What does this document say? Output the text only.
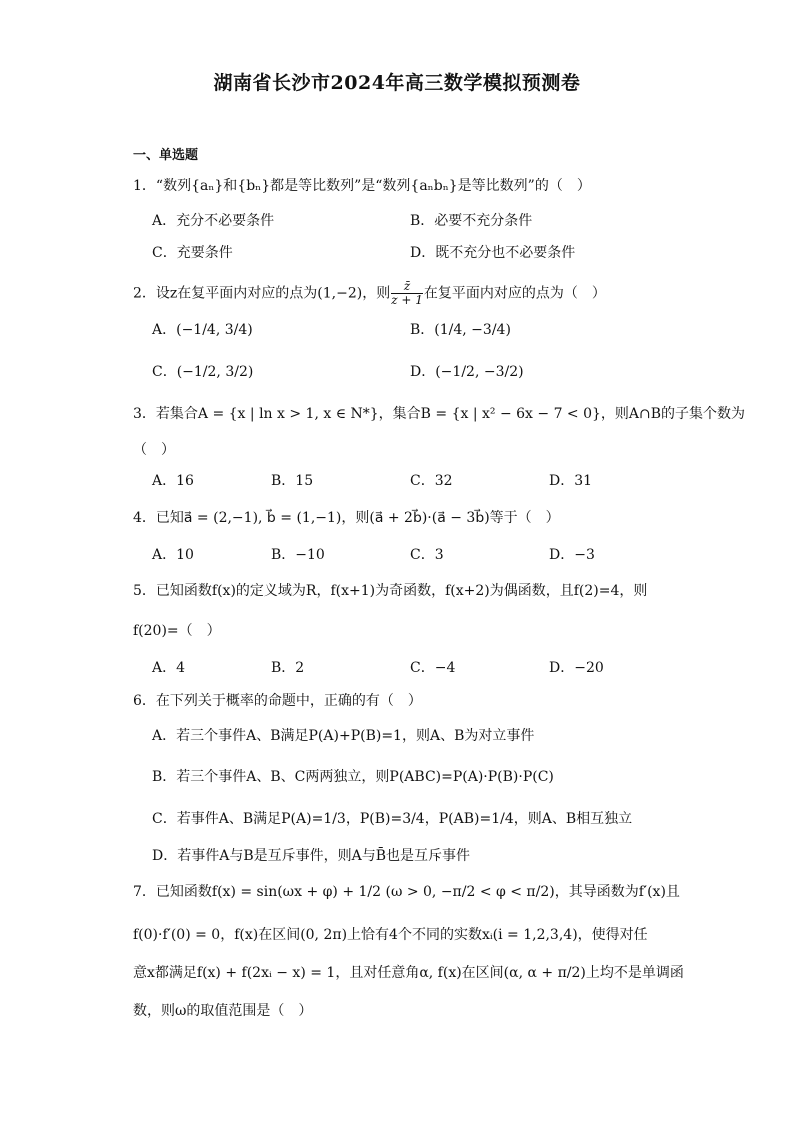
湖南省长沙市2024年高三数学模拟预测卷
一、单选题
1．“数列{aₙ}和{bₙ}都是等比数列”是“数列{aₙbₙ}是等比数列”的（　）
A．充分不必要条件	B．必要不充分条件
C．充要条件	D．既不充分也不必要条件
2．设z在复平面内对应的点为(1,−2)，则 $\frac{z̄}{z + 1}$ 在复平面内对应的点为（　）
A．(−1/4, 3/4)	B．(1/4, −3/4)
C．(−1/2, 3/2)	D．(−1/2, −3/2)
3．若集合A = {x | ln x > 1, x ∈ N*}，集合B = {x | x² − 6x − 7 < 0}，则A∩B的子集个数为
（　）
A．16	B．15	C．32	D．31
4．已知a⃗ = (2,−1), b⃗ = (1,−1)，则(a⃗ + 2b⃗)·(a⃗ − 3b⃗)等于（　）
A．10	B．−10	C．3	D．−3
5．已知函数f(x)的定义域为R，f(x+1)为奇函数，f(x+2)为偶函数，且f(2)=4，则
f(20)=（　）
A．4	B．2	C．−4	D．−20
6．在下列关于概率的命题中，正确的有（　）
A．若三个事件A、B满足P(A)+P(B)=1，则A、B为对立事件
B．若三个事件A、B、C两两独立，则P(ABC)=P(A)·P(B)·P(C)
C．若事件A、B满足P(A)=1/3，P(B)=3/4，P(AB)=1/4，则A、B相互独立
D．若事件A与B是互斥事件，则A与B̄也是互斥事件
7．已知函数f(x) = sin(ωx + φ) + 1/2 (ω > 0, −π/2 < φ < π/2)，其导函数为f′(x)且
f(0)·f′(0) = 0，f(x)在区间(0, 2π)上恰有4个不同的实数xᵢ(i = 1,2,3,4)，使得对任
意x都满足f(x) + f(2xᵢ − x) = 1，且对任意角α, f(x)在区间(α, α + π/2)上均不是单调函
数，则ω的取值范围是（　）
